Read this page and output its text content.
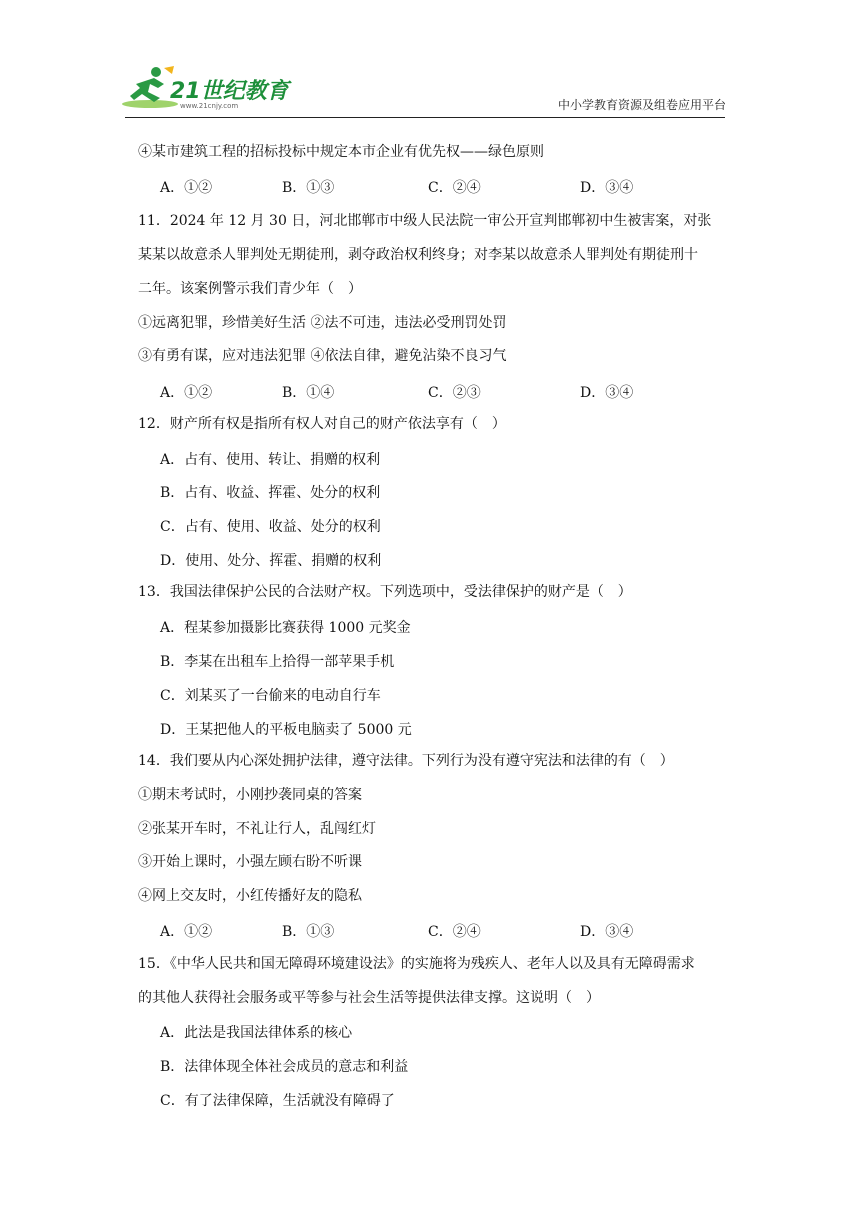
21世纪教育
www.21cnjy.com	中小学教育资源及组卷应用平台
④某市建筑工程的招标投标中规定本市企业有优先权——绿色原则
A．①②	B．①③	C．②④	D．③④
11．2024 年 12 月 30 日，河北邯郸市中级人民法院一审公开宣判邯郸初中生被害案，对张
某某以故意杀人罪判处无期徒刑，剥夺政治权利终身；对李某以故意杀人罪判处有期徒刑十
二年。该案例警示我们青少年（　）
①远离犯罪，珍惜美好生活 ②法不可违，违法必受刑罚处罚
③有勇有谋，应对违法犯罪 ④依法自律，避免沾染不良习气
A．①②	B．①④	C．②③	D．③④
12．财产所有权是指所有权人对自己的财产依法享有（　）
A．占有、使用、转让、捐赠的权利
B．占有、收益、挥霍、处分的权利
C．占有、使用、收益、处分的权利
D．使用、处分、挥霍、捐赠的权利
13．我国法律保护公民的合法财产权。下列选项中，受法律保护的财产是（　）
A．程某参加摄影比赛获得 1000 元奖金
B．李某在出租车上拾得一部苹果手机
C．刘某买了一台偷来的电动自行车
D．王某把他人的平板电脑卖了 5000 元
14．我们要从内心深处拥护法律，遵守法律。下列行为没有遵守宪法和法律的有（　）
①期末考试时，小刚抄袭同桌的答案
②张某开车时，不礼让行人，乱闯红灯
③开始上课时，小强左顾右盼不听课
④网上交友时，小红传播好友的隐私
A．①②	B．①③	C．②④	D．③④
15．《中华人民共和国无障碍环境建设法》的实施将为残疾人、老年人以及具有无障碍需求
的其他人获得社会服务或平等参与社会生活等提供法律支撑。这说明（　）
A．此法是我国法律体系的核心
B．法律体现全体社会成员的意志和利益
C．有了法律保障，生活就没有障碍了
